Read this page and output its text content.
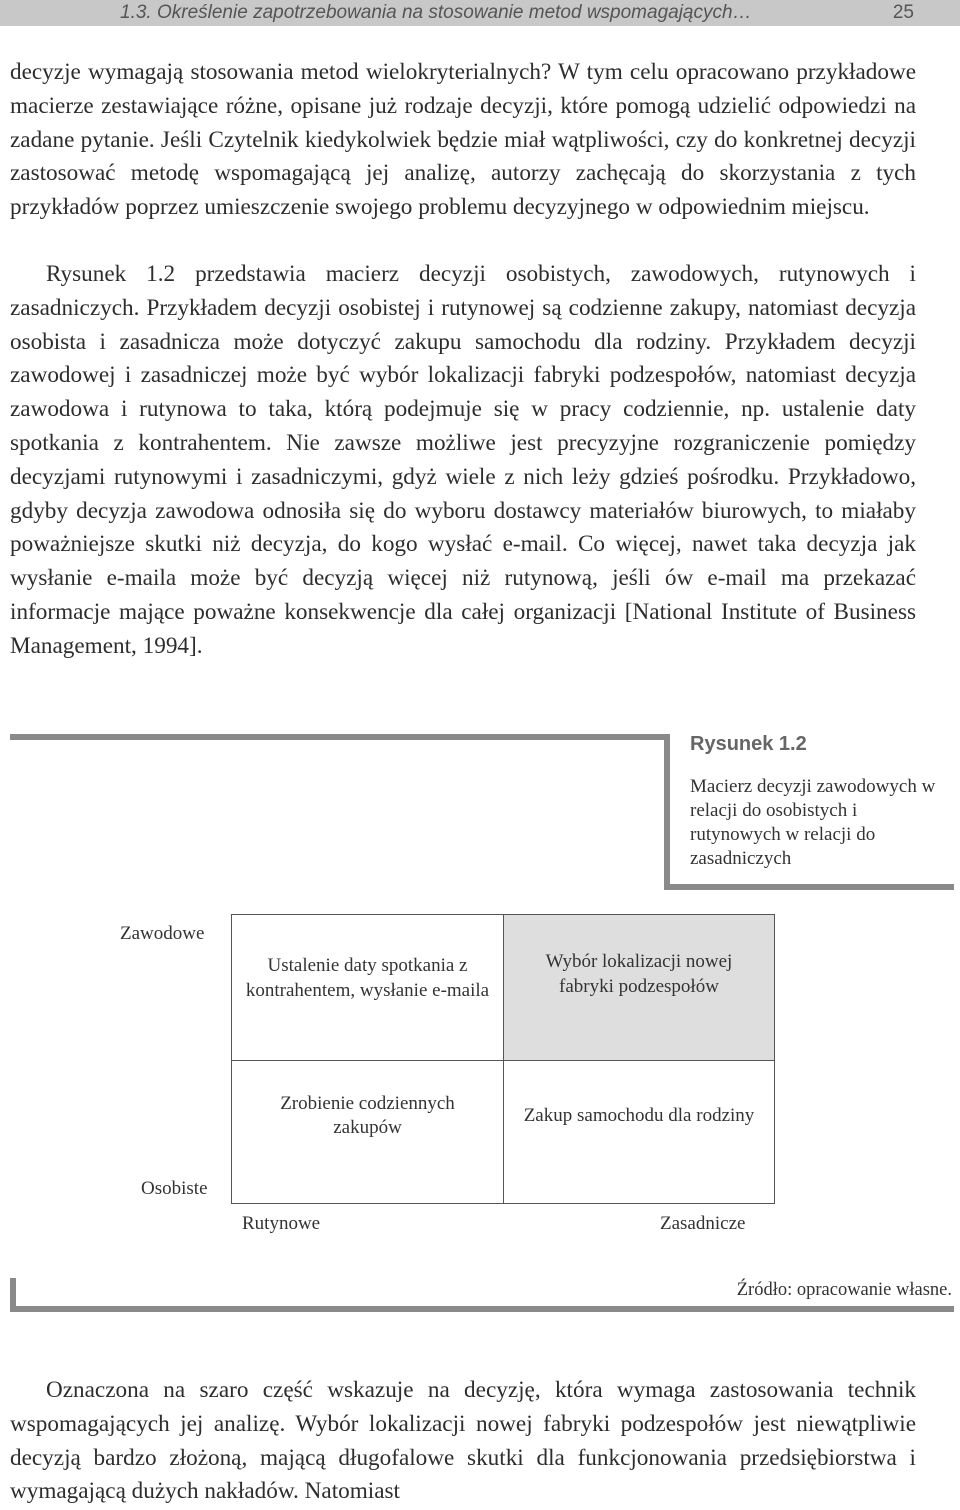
1.3. Określenie zapotrzebowania na stosowanie metod wspomagających…	25
decyzje wymagają stosowania metod wielokryterialnych? W tym celu opracowano przykładowe macierze zestawiające różne, opisane już rodzaje decyzji, które pomogą udzielić odpowiedzi na zadane pytanie. Jeśli Czytelnik kiedykolwiek będzie miał wątpliwości, czy do konkretnej decyzji zastosować metodę wspomagającą jej analizę, autorzy zachęcają do skorzystania z tych przykładów poprzez umieszczenie swojego problemu decyzyjnego w odpowiednim miejscu.
Rysunek 1.2 przedstawia macierz decyzji osobistych, zawodowych, rutynowych i zasadniczych. Przykładem decyzji osobistej i rutynowej są codzienne zakupy, natomiast decyzja osobista i zasadnicza może dotyczyć zakupu samochodu dla rodziny. Przykładem decyzji zawodowej i zasadniczej może być wybór lokalizacji fabryki podzespołów, natomiast decyzja zawodowa i rutynowa to taka, którą podejmuje się w pracy codziennie, np. ustalenie daty spotkania z kontrahentem. Nie zawsze możliwe jest precyzyjne rozgraniczenie pomiędzy decyzjami rutynowymi i zasadniczymi, gdyż wiele z nich leży gdzieś pośrodku. Przykładowo, gdyby decyzja zawodowa odnosiła się do wyboru dostawcy materiałów biurowych, to miałaby poważniejsze skutki niż decyzja, do kogo wysłać e-mail. Co więcej, nawet taka decyzja jak wysłanie e-maila może być decyzją więcej niż rutynową, jeśli ów e-mail ma przekazać informacje mające poważne konsekwencje dla całej organizacji [National Institute of Business Management, 1994].
Rysunek 1.2
Macierz decyzji zawodowych w relacji do osobistych i rutynowych w relacji do zasadniczych
Zawodowe
Ustalenie daty spotkania z kontrahentem, wysłanie e-maila
Wybór lokalizacji nowej fabryki podzespołów
Zrobienie codziennych zakupów
Zakup samochodu dla rodziny
Osobiste
Rutynowe	Zasadnicze
Źródło: opracowanie własne.
Oznaczona na szaro część wskazuje na decyzję, która wymaga zastosowania technik wspomagających jej analizę. Wybór lokalizacji nowej fabryki podzespołów jest niewątpliwie decyzją bardzo złożoną, mającą długofalowe skutki dla funkcjonowania przedsiębiorstwa i wymagającą dużych nakładów. Natomiast
